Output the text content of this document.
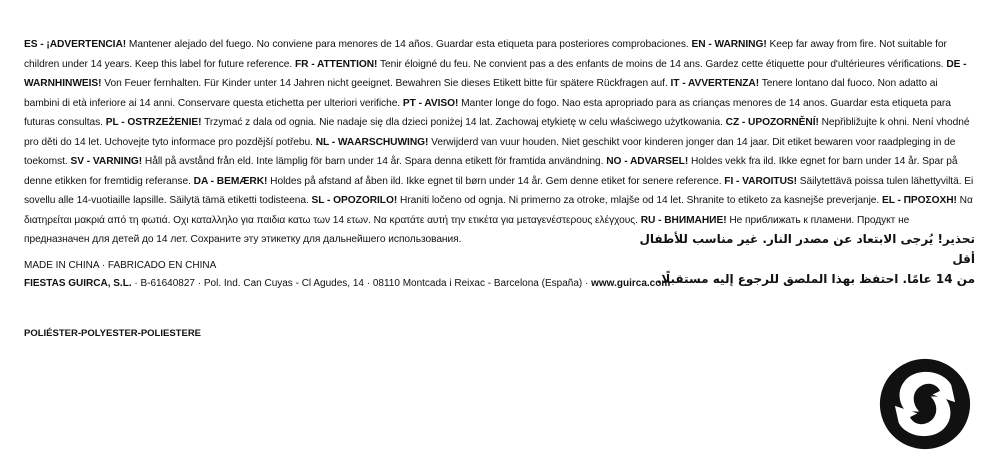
ES - ¡ADVERTENCIA! Mantener alejado del fuego. No conviene para menores de 14 años. Guardar esta etiqueta para posteriores comprobaciones. EN - WARNING! Keep far away from fire. Not suitable for children under 14 years. Keep this label for future reference. FR - ATTENTION! Tenir éloigné du feu. Ne convient pas a des enfants de moins de 14 ans. Gardez cette étiquette pour d'ultérieures vérifications. DE - WARNHINWEIS! Von Feuer fernhalten. Für Kinder unter 14 Jahren nicht geeignet. Bewahren Sie dieses Etikett bitte für spätere Rückfragen auf. IT - AVVERTENZA! Tenere lontano dal fuoco. Non adatto ai bambini di età inferiore ai 14 anni. Conservare questa etichetta per ulteriori verifiche. PT - AVISO! Manter longe do fogo. Nao esta apropriado para as crianças menores de 14 anos. Guardar esta etiqueta para futuras consultas. PL - OSTRZEŻENIE! Trzymać z dala od ognia. Nie nadaje się dla dzieci poniżej 14 lat. Zachowaj etykietę w celu właściwego użytkowania. CZ - UPOZORNĚNÍ! Nepřibližujte k ohni. Není vhodné pro děti do 14 let. Uchovejte tyto informace pro pozdější potřebu. NL - WAARSCHUWING! Verwijderd van vuur houden. Niet geschikt voor kinderen jonger dan 14 jaar. Dit etiket bewaren voor raadpleging in de toekomst. SV - VARNING! Håll på avstånd från eld. Inte lämplig för barn under 14 år. Spara denna etikett för framtida användning. NO - ADVARSEL! Holdes vekk fra ild. Ikke egnet for barn under 14 år. Spar på denne etikken for fremtidig referanse. DA - BEMÆRK! Holdes på afstand af åben ild. Ikke egnet til børn under 14 år. Gem denne etiket for senere reference. FI - VAROITUS! Säilytettävä poissa tulen lähettyviltä. Ei sovellu alle 14-vuotiaille lapsille. Säilytä tämä etiketti todisteena. SL - OPOZORILO! Hraniti ločeno od ognja. Ni primerno za otroke, mlajše od 14 let. Shranite to etiketo za kasnejše preverjanje. EL - ΠΡΟΣΟΧΗ! Να διατηρείται μακριά από τη φωτιά. Οχι καταλληλο για παιδια κατω των 14 ετων. Να κρατάτε αυτή την ετικέτα για μεταγενέστερους ελέγχους. RU - ВНИМАНИЕ! Не приближать к пламени. Продукт не предназначен для детей до 14 лет. Сохраните эту этикетку для дальнейшего использования.	تحذير! يُرجى الابتعاد عن مصدر النار. غير مناسب للأطفال أقل
من 14 عامًا. احتفظ بهذا الملصق للرجوع إليه مستقبلًا.
MADE IN CHINA · FABRICADO EN CHINA
FIESTAS GUIRCA, S.L. · B-61640827 · Pol. Ind. Can Cuyas - Cl Agudes, 14 · 08110 Montcada i Reixac - Barcelona (España) · www.guirca.com
POLIÉSTER-POLYESTER-POLIESTERE
